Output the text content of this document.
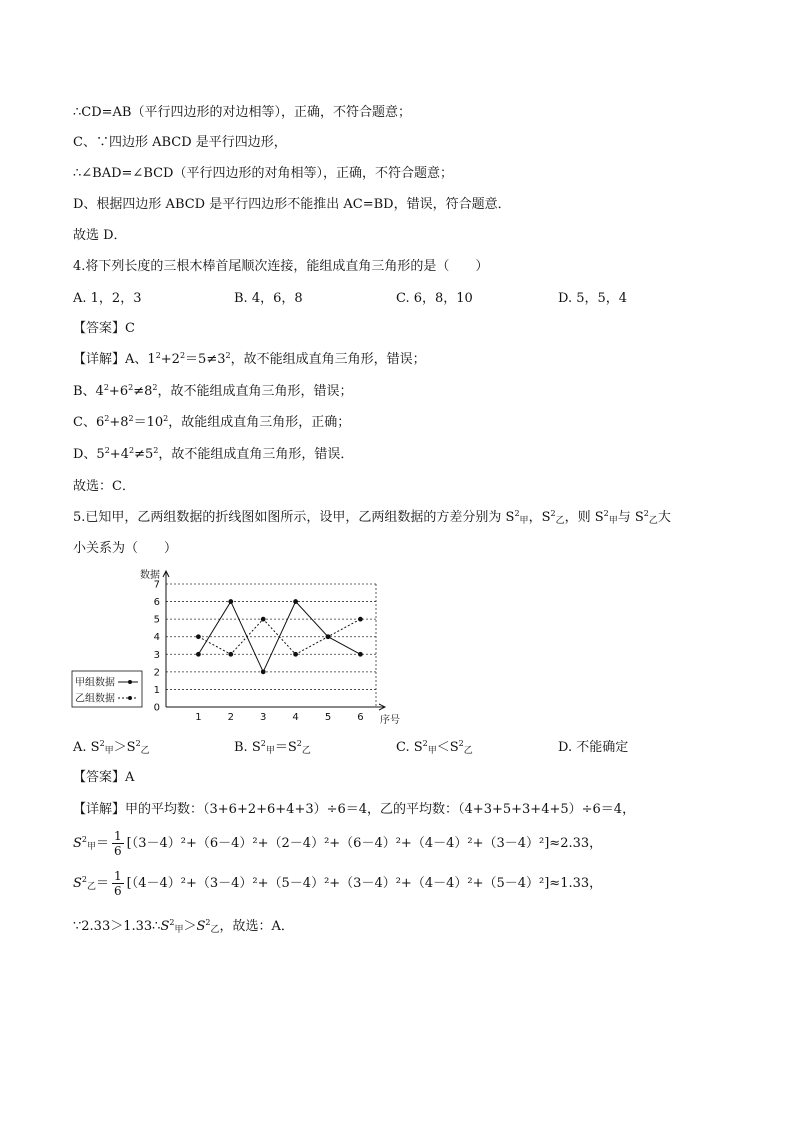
∴CD=AB（平行四边形的对边相等），正确，不符合题意；
C、∵四边形 ABCD 是平行四边形，
∴∠BAD=∠BCD（平行四边形的对角相等），正确，不符合题意；
D、根据四边形 ABCD 是平行四边形不能推出 AC=BD，错误，符合题意．
故选 D．
4.将下列长度的三根木棒首尾顺次连接，能组成直角三角形的是（　　）
A. 1，2，3	B. 4，6，8	C. 6，8，10	D. 5，5，4
【答案】C
【详解】A、$1^2+2^2=5\ne 3^2$，故不能组成直角三角形，错误；
B、$4^2+6^2\ne 8^2$，故不能组成直角三角形，错误；
C、$6^2+8^2=10^2$，故能组成直角三角形，正确；
D、$5^2+4^2\ne 5^2$，故不能组成直角三角形，错误．
故选：C．
5.已知甲，乙两组数据的折线图如图所示，设甲，乙两组数据的方差分别为 $S^2_甲$，$S^2_乙$，则 $S^2_甲$与 $S^2_乙$大
小关系为（　　）
0
1
2
3
4
5
6
7
1	2	3	4	5	6
甲组数据
乙组数据
数据
序号
A. $S^2_甲>S^2_乙$	B. $S^2_甲=S^2_乙$	C. $S^2_甲<S^2_乙$	D. 不能确定
【答案】A
【详解】甲的平均数：（3+6+2+6+4+3）÷6＝4，乙的平均数：（4+3+5+3+4+5）÷6＝4，
$S^2_甲= \frac{1}{6} [(3-4)^2+(6-4)^2+(2-4)^2+(6-4)^2+(4-4)^2+(3-4)^2]\approx 2.33$，
$S^2_乙= \frac{1}{6} [(4-4)^2+(3-4)^2+(5-4)^2+(3-4)^2+(4-4)^2+(5-4)^2]\approx 1.33$，
$\because 2.33>1.33\therefore S^2_甲>S^2_乙$，故选：A．
